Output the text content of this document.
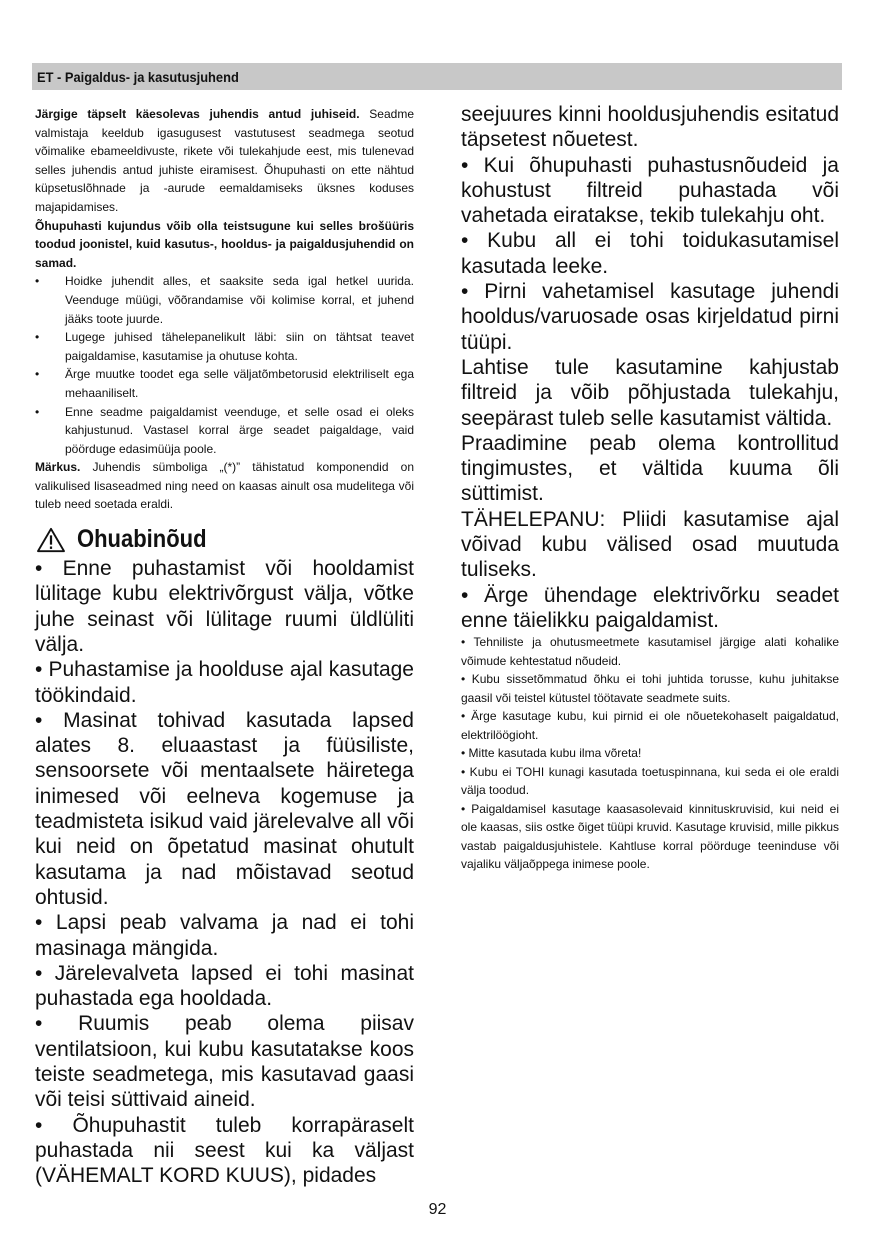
ET - Paigaldus- ja kasutusjuhend

Järgige täpselt käesolevas juhendis antud juhiseid. Seadme valmistaja keeldub igasugusest vastutusest seadmega seotud võimalike ebameeldivuste, rikete või tulekahjude eest, mis tulenevad selles juhendis antud juhiste eiramisest. Õhupuhasti on ette nähtud küpsetuslõhnade ja -aurude eemaldamiseks üksnes koduses majapidamises.

Õhupuhasti kujundus võib olla teistsugune kui selles brošüüris toodud joonistel, kuid kasutus-, hooldus- ja paigaldusjuhendid on samad.

• Hoidke juhendit alles, et saaksite seda igal hetkel uurida. Veenduge müügi, võõrandamise või kolimise korral, et juhend jääks toote juurde.
• Lugege juhised tähelepanelikult läbi: siin on tähtsat teavet paigaldamise, kasutamise ja ohutuse kohta.
• Ärge muutke toodet ega selle väljatõmbetorusid elektriliselt ega mehaaniliselt.
• Enne seadme paigaldamist veenduge, et selle osad ei oleks kahjustunud. Vastasel korral ärge seadet paigaldage, vaid pöörduge edasimüüja poole.

Märkus. Juhendis sümboliga „(*)” tähistatud komponendid on valikulised lisaseadmed ning need on kaasas ainult osa mudelitega või tuleb need soetada eraldi.

Ohuabinõud

• Enne puhastamist või hooldamist lülitage kubu elektrivõrgust välja, võtke juhe seinast või lülitage ruumi üldlüliti välja.

• Puhastamise ja hoolduse ajal kasutage töökindaid.

• Masinat tohivad kasutada lapsed alates 8. eluaastast ja füüsiliste, sensoorsete või mentaalsete häiretega inimesed või eelneva kogemuse ja teadmisteta isikud vaid järelevalve all või kui neid on õpetatud masinat ohutult kasutama ja nad mõistavad seotud ohtusid.

• Lapsi peab valvama ja nad ei tohi masinaga mängida.

• Järelevalveta lapsed ei tohi masinat puhastada ega hooldada.

• Ruumis peab olema piisav ventilatsioon, kui kubu kasutatakse koos teiste seadmetega, mis kasutavad gaasi või teisi süttivaid aineid.

• Õhupuhastit tuleb korrapäraselt puhastada nii seest kui ka väljast (VÄHEMALT KORD KUUS), pidades

seejuures kinni hooldusjuhendis esitatud täpsetest nõuetest.

• Kui õhupuhasti puhastusnõudeid ja kohustust filtreid puhastada või vahetada eiratakse, tekib tulekahju oht.

• Kubu all ei tohi toidukasutamisel kasutada leeke.

• Pirni vahetamisel kasutage juhendi hooldus/varuosade osas kirjeldatud pirni tüüpi.

Lahtise tule kasutamine kahjustab filtreid ja võib põhjustada tulekahju, seepärast tuleb selle kasutamist vältida.

Praadimine peab olema kontrollitud tingimustes, et vältida kuuma õli süttimist.

TÄHELEPANU: Pliidi kasutamise ajal võivad kubu välised osad muutuda tuliseks.

• Ärge ühendage elektrivõrku seadet enne täielikku paigaldamist.

• Tehniliste ja ohutusmeetmete kasutamisel järgige alati kohalike võimude kehtestatud nõudeid.

• Kubu sissetõmmatud õhku ei tohi juhtida torusse, kuhu juhitakse gaasil või teistel kütustel töötavate seadmete suits.

• Ärge kasutage kubu, kui pirnid ei ole nõuetekohaselt paigaldatud, elektrilöögioht.

• Mitte kasutada kubu ilma võreta!

• Kubu ei TOHI kunagi kasutada toetuspinnana, kui seda ei ole eraldi välja toodud.

• Paigaldamisel kasutage kaasasolevaid kinnituskruvisid, kui neid ei ole kaasas, siis ostke õiget tüüpi kruvid. Kasutage kruvisid, mille pikkus vastab paigaldusjuhistele. Kahtluse korral pöörduge teeninduse või vajaliku väljaõppega inimese poole.

92
